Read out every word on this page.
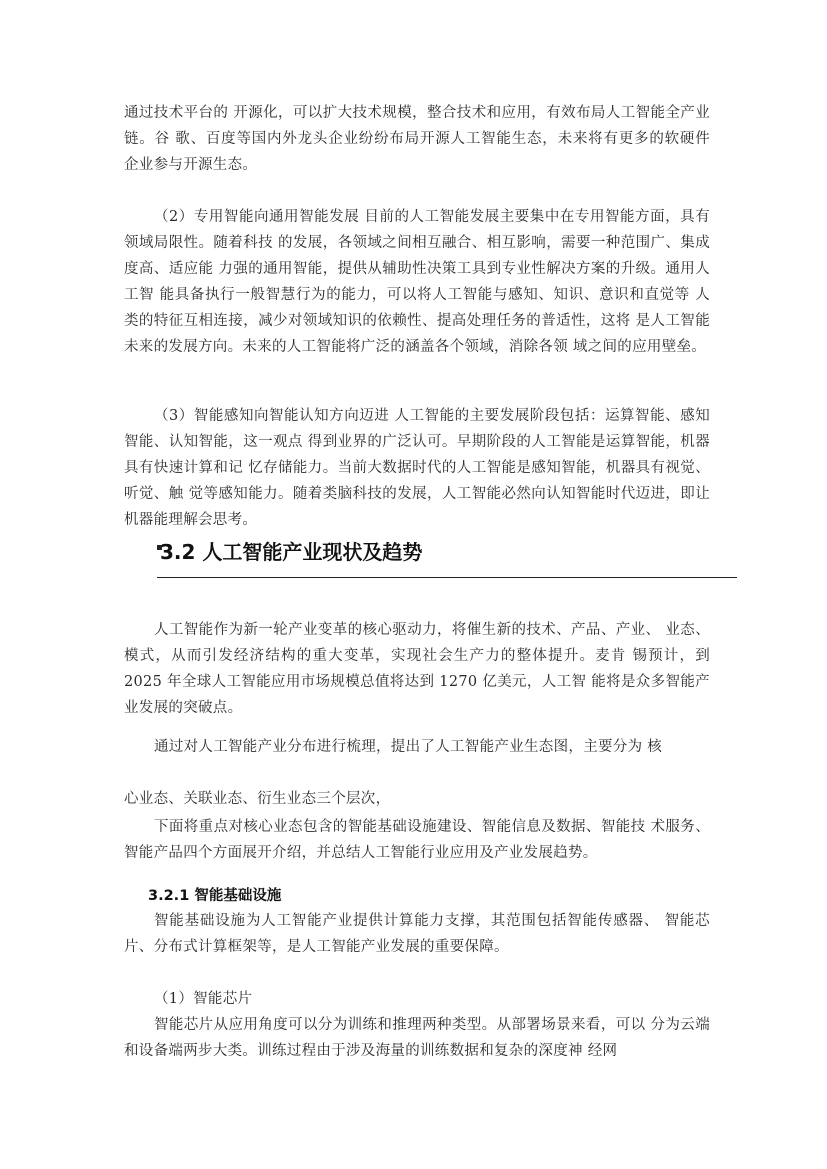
通过技术平台的 开源化，可以扩大技术规模，整合技术和应用，有效布局人工智能全产业链。谷 歌、百度等国内外龙头企业纷纷布局开源人工智能生态，未来将有更多的软硬件 企业参与开源生态。

（2）专用智能向通用智能发展 目前的人工智能发展主要集中在专用智能方面，具有领域局限性。随着科技 的发展，各领域之间相互融合、相互影响，需要一种范围广、集成度高、适应能 力强的通用智能，提供从辅助性决策工具到专业性解决方案的升级。通用人工智 能具备执行一般智慧行为的能力，可以将人工智能与感知、知识、意识和直觉等 人类的特征互相连接，减少对领域知识的依赖性、提高处理任务的普适性，这将 是人工智能未来的发展方向。未来的人工智能将广泛的涵盖各个领域，消除各领 域之间的应用壁垒。

（3）智能感知向智能认知方向迈进 人工智能的主要发展阶段包括：运算智能、感知智能、认知智能，这一观点 得到业界的广泛认可。早期阶段的人工智能是运算智能，机器具有快速计算和记 忆存储能力。当前大数据时代的人工智能是感知智能，机器具有视觉、听觉、触 觉等感知能力。随着类脑科技的发展，人工智能必然向认知智能时代迈进，即让 机器能理解会思考。

3.2 人工智能产业现状及趋势

人工智能作为新一轮产业变革的核心驱动力，将催生新的技术、产品、产业、 业态、模式，从而引发经济结构的重大变革，实现社会生产力的整体提升。麦肯 锡预计，到 2025 年全球人工智能应用市场规模总值将达到 1270 亿美元，人工智 能将是众多智能产业发展的突破点。

通过对人工智能产业分布进行梳理，提出了人工智能产业生态图，主要分为 核

心业态、关联业态、衍生业态三个层次，

下面将重点对核心业态包含的智能基础设施建设、智能信息及数据、智能技 术服务、智能产品四个方面展开介绍，并总结人工智能行业应用及产业发展趋势。

3.2.1 智能基础设施

智能基础设施为人工智能产业提供计算能力支撑，其范围包括智能传感器、 智能芯片、分布式计算框架等，是人工智能产业发展的重要保障。

（1）智能芯片

智能芯片从应用角度可以分为训练和推理两种类型。从部署场景来看，可以 分为云端和设备端两步大类。训练过程由于涉及海量的训练数据和复杂的深度神 经网
